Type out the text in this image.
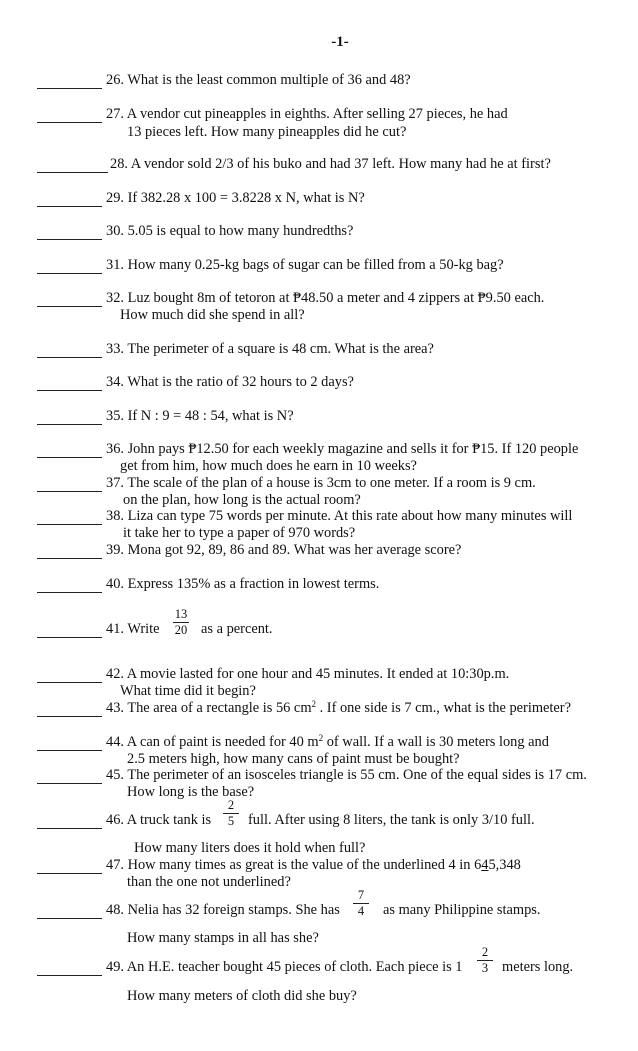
-1-
26. What is the least common multiple of 36 and 48?
27. A vendor cut pineapples in eighths. After selling 27 pieces, he had
13 pieces left. How many pineapples did he cut?
28. A vendor sold 2/3 of his buko and had 37 left. How many had he at first?
29. If 382.28 x 100 = 3.8228 x N, what is N?
30. 5.05 is equal to how many hundredths?
31. How many 0.25-kg bags of sugar can be filled from a 50-kg bag?
32. Luz bought 8m of tetoron at ₱48.50 a meter and 4 zippers at ₱9.50 each.
How much did she spend in all?
33. The perimeter of a square is 48 cm. What is the area?
34. What is the ratio of 32 hours to 2 days?
35. If N : 9 = 48 : 54, what is N?
36. John pays ₱12.50 for each weekly magazine and sells it for ₱15. If 120 people
get from him, how much does he earn in 10 weeks?
37. The scale of the plan of a house is 3cm to one meter. If a room is 9 cm.
on the plan, how long is the actual room?
38. Liza can type 75 words per minute. At this rate about how many minutes will
it take her to type a paper of 970 words?
39. Mona got 92, 89, 86 and 89. What was her average score?
40. Express 135% as a fraction in lowest terms.
41. Write
13
20 as a percent.
42. A movie lasted for one hour and 45 minutes. It ended at 10:30p.m.
What time did it begin?
43. The area of a rectangle is 56 $cm^2$ . If one side is 7 cm., what is the perimeter?
44. A can of paint is needed for 40 $m^2$ of wall. If a wall is 30 meters long and
2.5 meters high, how many cans of paint must be bought?
45. The perimeter of an isosceles triangle is 55 cm. One of the equal sides is 17 cm.
How long is the base?
46. A truck tank is
2
5 full. After using 8 liters, the tank is only 3/10 full.
How many liters does it hold when full?
47. How many times as great is the value of the underlined 4 in 645,348
than the one not underlined?
48. Nelia has 32 foreign stamps. She has
7
4	as many Philippine stamps.
How many stamps in all has she?
49. An H.E. teacher bought 45 pieces of cloth. Each piece is 1
2
3 meters long.
How many meters of cloth did she buy?
